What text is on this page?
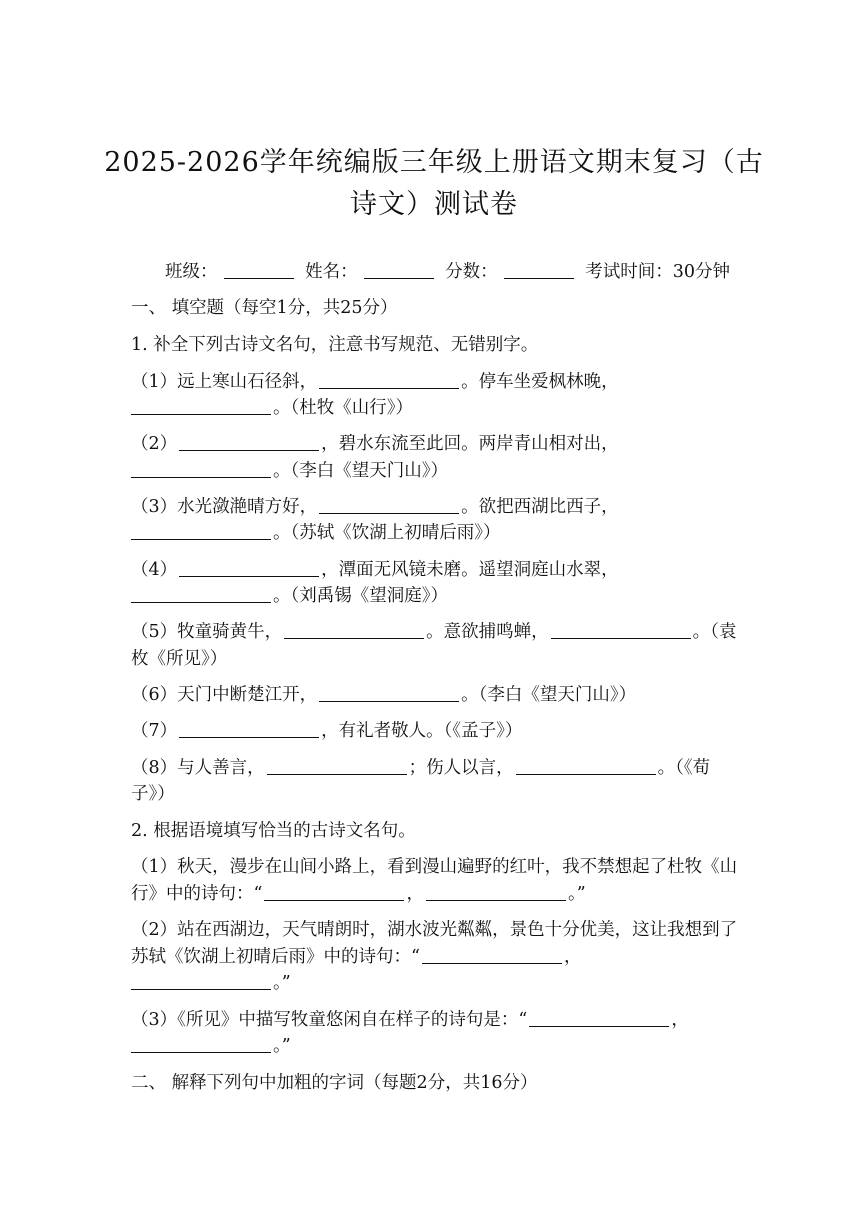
2025-2026学年统编版三年级上册语文期末复习（古
诗文）测试卷
班级：	姓名：	分数：	考试时间：30分钟
一、 填空题（每空1分，共25分）
1. 补全下列古诗文名句，注意书写规范、无错别字。
（1）远上寒山石径斜，	。停车坐爱枫林晚，
。（杜牧《山行》）
（2）	，碧水东流至此回。两岸青山相对出，
。（李白《望天门山》）
（3）水光潋滟晴方好，	。欲把西湖比西子，
。（苏轼《饮湖上初晴后雨》）
（4）	，潭面无风镜未磨。遥望洞庭山水翠，
。（刘禹锡《望洞庭》）
（5）牧童骑黄牛，	。意欲捕鸣蝉，	。（袁
枚《所见》）
（6）天门中断楚江开，	。（李白《望天门山》）
（7）	，有礼者敬人。（《孟子》）
（8）与人善言，	；伤人以言，	。（《荀
子》）
2. 根据语境填写恰当的古诗文名句。
（1）秋天，漫步在山间小路上，看到漫山遍野的红叶，我不禁想起了杜牧《山
行》中的诗句：“	，	。”
（2）站在西湖边，天气晴朗时，湖水波光粼粼，景色十分优美，这让我想到了
苏轼《饮湖上初晴后雨》中的诗句：“	，
。”
（3）《所见》中描写牧童悠闲自在样子的诗句是：“	，
。”
二、 解释下列句中加粗的字词（每题2分，共16分）
